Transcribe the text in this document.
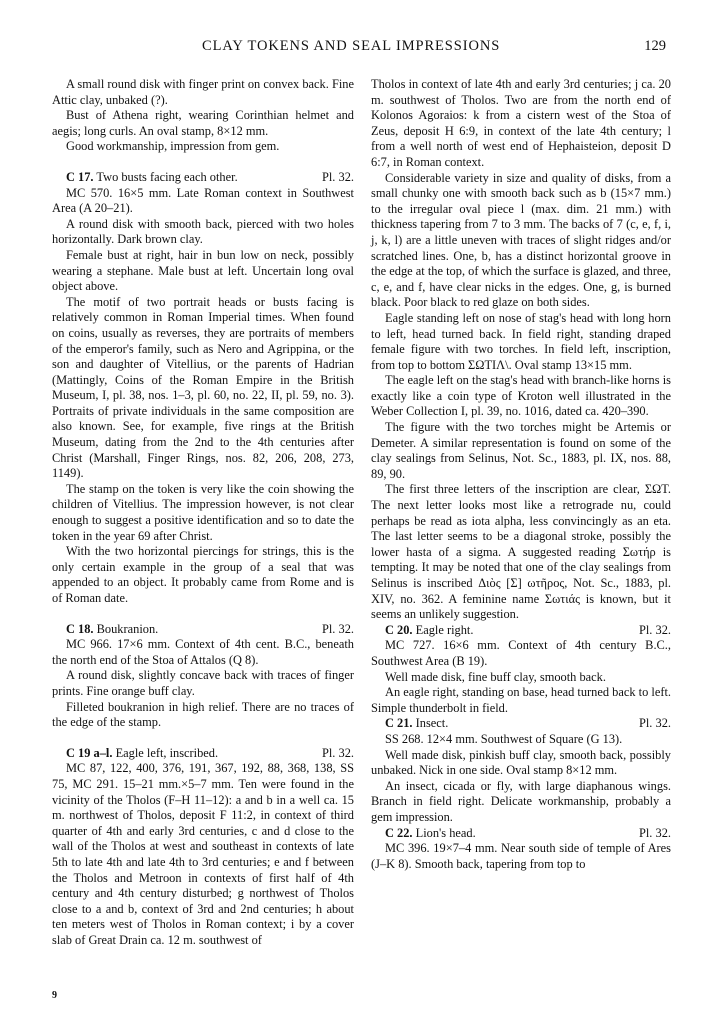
CLAY TOKENS AND SEAL IMPRESSIONS	129

A small round disk with finger print on convex back. Fine Attic clay, unbaked (?).

Bust of Athena right, wearing Corinthian helmet and aegis; long curls. An oval stamp, 8×12 mm.

Good workmanship, impression from gem.

C 17. Two busts facing each other.	Pl. 32.

MC 570. 16×5 mm. Late Roman context in Southwest Area (A 20–21).

A round disk with smooth back, pierced with two holes horizontally. Dark brown clay.

Female bust at right, hair in bun low on neck, possibly wearing a stephane. Male bust at left. Uncertain long oval object above.

The motif of two portrait heads or busts facing is relatively common in Roman Imperial times. When found on coins, usually as reverses, they are portraits of members of the emperor's family, such as Nero and Agrippina, or the son and daughter of Vitellius, or the parents of Hadrian (Mattingly, Coins of the Roman Empire in the British Museum, I, pl. 38, nos. 1–3, pl. 60, no. 22, II, pl. 59, no. 3). Portraits of private individuals in the same composition are also known. See, for example, five rings at the British Museum, dating from the 2nd to the 4th centuries after Christ (Marshall, Finger Rings, nos. 82, 206, 208, 273, 1149).

The stamp on the token is very like the coin showing the children of Vitellius. The impression however, is not clear enough to suggest a positive identification and so to date the token in the year 69 after Christ.

With the two horizontal piercings for strings, this is the only certain example in the group of a seal that was appended to an object. It probably came from Rome and is of Roman date.

C 18. Boukranion.	Pl. 32.

MC 966. 17×6 mm. Context of 4th cent. B.C., beneath the north end of the Stoa of Attalos (Q 8).

A round disk, slightly concave back with traces of finger prints. Fine orange buff clay.

Filleted boukranion in high relief. There are no traces of the edge of the stamp.

C 19 a–l. Eagle left, inscribed.	Pl. 32.

MC 87, 122, 400, 376, 191, 367, 192, 88, 368, 138, SS 75, MC 291. 15–21 mm.×5–7 mm. Ten were found in the vicinity of the Tholos (F–H 11–12): a and b in a well ca. 15 m. northwest of Tholos, deposit F 11:2, in context of third quarter of 4th and early 3rd centuries, c and d close to the wall of the Tholos at west and southeast in contexts of late 5th to late 4th and late 4th to 3rd centuries; e and f between the Tholos and Metroon in contexts of first half of 4th century and 4th century disturbed; g northwest of Tholos close to a and b, context of 3rd and 2nd centuries; h about ten meters west of Tholos in Roman context; i by a cover slab of Great Drain ca. 12 m. southwest of

Tholos in context of late 4th and early 3rd centuries; j ca. 20 m. southwest of Tholos. Two are from the north end of Kolonos Agoraios: k from a cistern west of the Stoa of Zeus, deposit H 6:9, in context of the late 4th century; l from a well north of west end of Hephaisteion, deposit D 6:7, in Roman context.

Considerable variety in size and quality of disks, from a small chunky one with smooth back such as b (15×7 mm.) to the irregular oval piece l (max. dim. 21 mm.) with thickness tapering from 7 to 3 mm. The backs of 7 (c, e, f, i, j, k, l) are a little uneven with traces of slight ridges and/or scratched lines. One, b, has a distinct horizontal groove in the edge at the top, of which the surface is glazed, and three, c, e, and f, have clear nicks in the edges. One, g, is burned black. Poor black to red glaze on both sides.

Eagle standing left on nose of stag's head with long horn to left, head turned back. In field right, standing draped female figure with two torches. In field left, inscription, from top to bottom ΣΩΤΙΛ\. Oval stamp 13×15 mm.

The eagle left on the stag's head with branch-like horns is exactly like a coin type of Kroton well illustrated in the Weber Collection I, pl. 39, no. 1016, dated ca. 420–390.

The figure with the two torches might be Artemis or Demeter. A similar representation is found on some of the clay sealings from Selinus, Not. Sc., 1883, pl. IX, nos. 88, 89, 90.

The first three letters of the inscription are clear, ΣΩΤ. The next letter looks most like a retrograde nu, could perhaps be read as iota alpha, less convincingly as an eta. The last letter seems to be a diagonal stroke, possibly the lower hasta of a sigma. A suggested reading Σωτήρ is tempting. It may be noted that one of the clay sealings from Selinus is inscribed Διὸς [Σ] ωτῆρος, Not. Sc., 1883, pl. XIV, no. 362. A feminine name Σωτιάς is known, but it seems an unlikely suggestion.

C 20. Eagle right.	Pl. 32.

MC 727. 16×6 mm. Context of 4th century B.C., Southwest Area (B 19).

Well made disk, fine buff clay, smooth back.

An eagle right, standing on base, head turned back to left. Simple thunderbolt in field.

C 21. Insect.	Pl. 32.

SS 268. 12×4 mm. Southwest of Square (G 13).

Well made disk, pinkish buff clay, smooth back, possibly unbaked. Nick in one side. Oval stamp 8×12 mm.

An insect, cicada or fly, with large diaphanous wings. Branch in field right. Delicate workmanship, probably a gem impression.

C 22. Lion's head.	Pl. 32.

MC 396. 19×7–4 mm. Near south side of temple of Ares (J–K 8). Smooth back, tapering from top to

9
